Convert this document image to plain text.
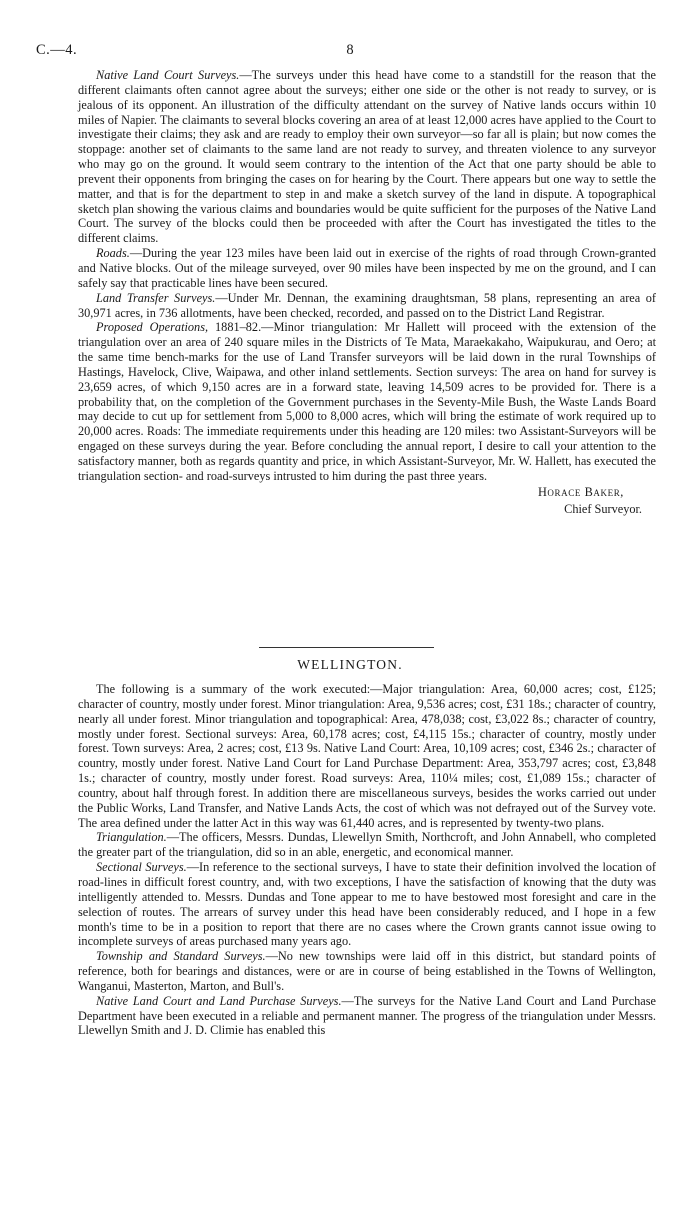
C.—4.	8

Native Land Court Surveys.—The surveys under this head have come to a standstill for the reason that the different claimants often cannot agree about the surveys; either one side or the other is not ready to survey, or is jealous of its opponent. An illustration of the difficulty attendant on the survey of Native lands occurs within 10 miles of Napier. The claimants to several blocks covering an area of at least 12,000 acres have applied to the Court to investigate their claims; they ask and are ready to employ their own surveyor—so far all is plain; but now comes the stoppage: another set of claimants to the same land are not ready to survey, and threaten violence to any surveyor who may go on the ground. It would seem contrary to the intention of the Act that one party should be able to prevent their opponents from bringing the cases on for hearing by the Court. There appears but one way to settle the matter, and that is for the department to step in and make a sketch survey of the land in dispute. A topographical sketch plan showing the various claims and boundaries would be quite sufficient for the purposes of the Native Land Court. The survey of the blocks could then be proceeded with after the Court has investigated the titles to the different claims.

Roads.—During the year 123 miles have been laid out in exercise of the rights of road through Crown-granted and Native blocks. Out of the mileage surveyed, over 90 miles have been inspected by me on the ground, and I can safely say that practicable lines have been secured.

Land Transfer Surveys.—Under Mr. Dennan, the examining draughtsman, 58 plans, representing an area of 30,971 acres, in 736 allotments, have been checked, recorded, and passed on to the District Land Registrar.

Proposed Operations, 1881–82.—Minor triangulation: Mr Hallett will proceed with the extension of the triangulation over an area of 240 square miles in the Districts of Te Mata, Maraekakaho, Waipukurau, and Oero; at the same time bench-marks for the use of Land Transfer surveyors will be laid down in the rural Townships of Hastings, Havelock, Clive, Waipawa, and other inland settlements. Section surveys: The area on hand for survey is 23,659 acres, of which 9,150 acres are in a forward state, leaving 14,509 acres to be provided for. There is a probability that, on the completion of the Government purchases in the Seventy-Mile Bush, the Waste Lands Board may decide to cut up for settlement from 5,000 to 8,000 acres, which will bring the estimate of work required up to 20,000 acres. Roads: The immediate requirements under this heading are 120 miles: two Assistant-Surveyors will be engaged on these surveys during the year. Before concluding the annual report, I desire to call your attention to the satisfactory manner, both as regards quantity and price, in which Assistant-Surveyor, Mr. W. Hallett, has executed the triangulation section- and road-surveys intrusted to him during the past three years.

Horace Baker,
Chief Surveyor.
WELLINGTON.

The following is a summary of the work executed:—Major triangulation: Area, 60,000 acres; cost, £125; character of country, mostly under forest. Minor triangulation: Area, 9,536 acres; cost, £31 18s.; character of country, nearly all under forest. Minor triangulation and topographical: Area, 478,038; cost, £3,022 8s.; character of country, mostly under forest. Sectional surveys: Area, 60,178 acres; cost, £4,115 15s.; character of country, mostly under forest. Town surveys: Area, 2 acres; cost, £13 9s. Native Land Court: Area, 10,109 acres; cost, £346 2s.; character of country, mostly under forest. Native Land Court for Land Purchase Department: Area, 353,797 acres; cost, £3,848 1s.; character of country, mostly under forest. Road surveys: Area, 110¼ miles; cost, £1,089 15s.; character of country, about half through forest. In addition there are miscellaneous surveys, besides the works carried out under the Public Works, Land Transfer, and Native Lands Acts, the cost of which was not defrayed out of the Survey vote. The area defined under the latter Act in this way was 61,440 acres, and is represented by twenty-two plans.

Triangulation.—The officers, Messrs. Dundas, Llewellyn Smith, Northcroft, and John Annabell, who completed the greater part of the triangulation, did so in an able, energetic, and economical manner.

Sectional Surveys.—In reference to the sectional surveys, I have to state their definition involved the location of road-lines in difficult forest country, and, with two exceptions, I have the satisfaction of knowing that the duty was intelligently attended to. Messrs. Dundas and Tone appear to me to have bestowed most foresight and care in the selection of routes. The arrears of survey under this head have been considerably reduced, and I hope in a few month's time to be in a position to report that there are no cases where the Crown grants cannot issue owing to incomplete surveys of areas purchased many years ago.

Township and Standard Surveys.—No new townships were laid off in this district, but standard points of reference, both for bearings and distances, were or are in course of being established in the Towns of Wellington, Wanganui, Masterton, Marton, and Bull's.

Native Land Court and Land Purchase Surveys.—The surveys for the Native Land Court and Land Purchase Department have been executed in a reliable and permanent manner. The progress of the triangulation under Messrs. Llewellyn Smith and J. D. Climie has enabled this
